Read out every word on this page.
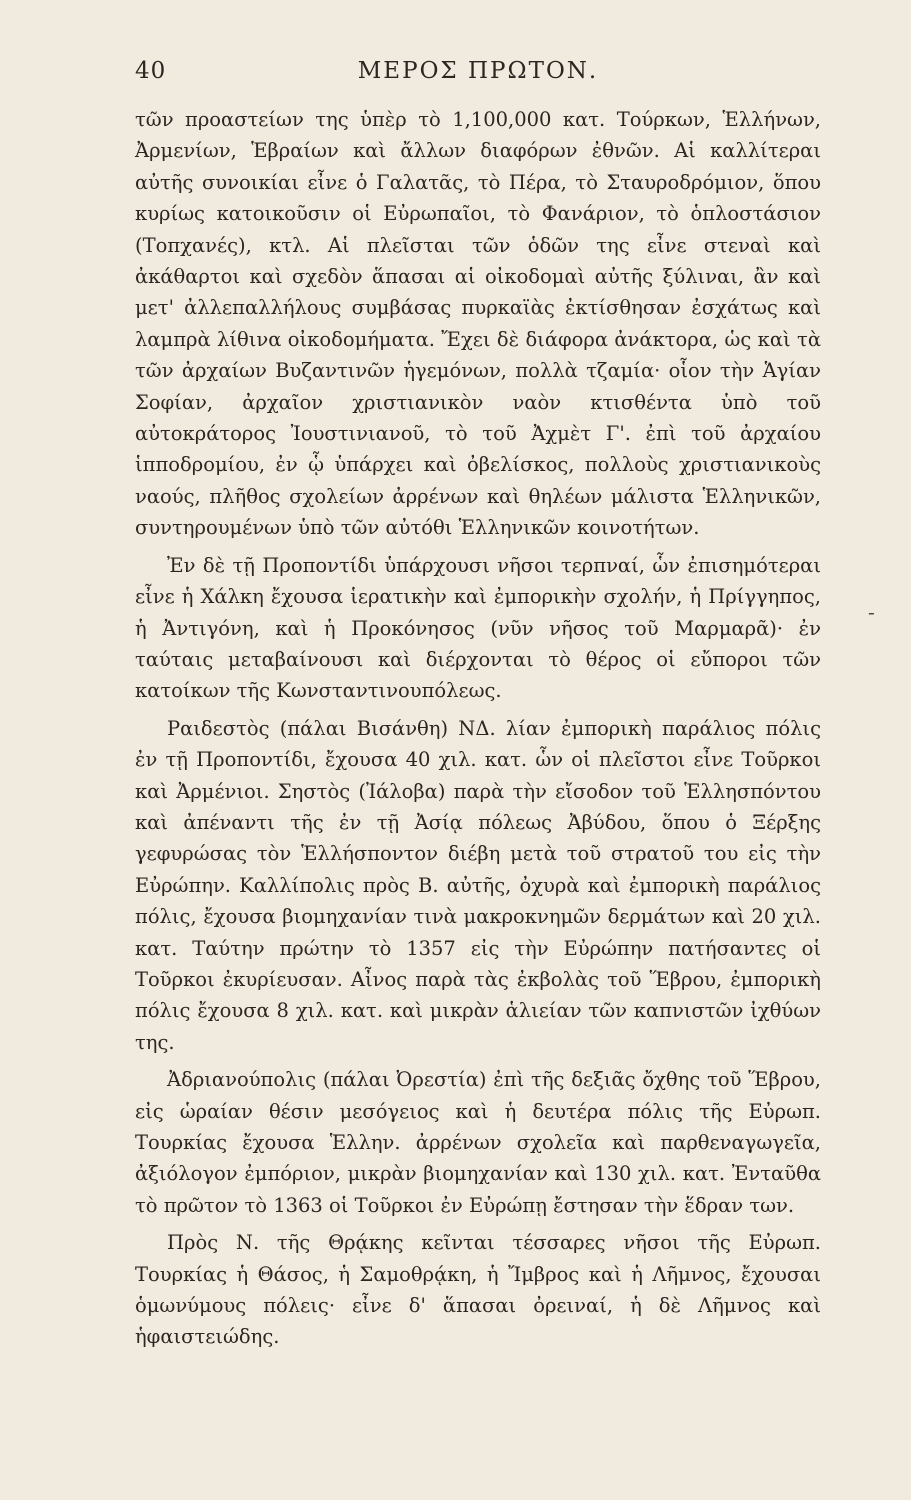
40	ΜΕΡΟΣ ΠΡΩΤΟΝ.

τῶν προαστείων της ὑπὲρ τὸ 1,100,000 κατ. Τούρκων, Ἑλλήνων, Ἀρμενίων, Ἑβραίων καὶ ἄλλων διαφόρων ἐθνῶν. Αἱ καλλίτεραι αὐτῆς συνοικίαι εἶνε ὁ Γαλατᾶς, τὸ Πέρα, τὸ Σταυροδρόμιον, ὅπου κυρίως κατοικοῦσιν οἱ Εὐρωπαῖοι, τὸ Φανάριον, τὸ ὁπλοστάσιον (Τοπχανές), κτλ. Αἱ πλεῖσται τῶν ὁδῶν της εἶνε στεναὶ καὶ ἀκάθαρτοι καὶ σχεδὸν ἅπασαι αἱ οἰκοδομαὶ αὐτῆς ξύλιναι, ἂν καὶ μετ' ἀλλεπαλλήλους συμβάσας πυρκαϊὰς ἐκτίσθησαν ἐσχάτως καὶ λαμπρὰ λίθινα οἰκοδομήματα. Ἔχει δὲ διάφορα ἀνάκτορα, ὡς καὶ τὰ τῶν ἀρχαίων Βυζαντινῶν ἡγεμόνων, πολλὰ τζαμία· οἷον τὴν Ἁγίαν Σοφίαν, ἀρχαῖον χριστιανικὸν ναὸν κτισθέντα ὑπὸ τοῦ αὐτοκράτορος Ἰουστινιανοῦ, τὸ τοῦ Ἀχμὲτ Γ'. ἐπὶ τοῦ ἀρχαίου ἱπποδρομίου, ἐν ᾧ ὑπάρχει καὶ ὀβελίσκος, πολλοὺς χριστιανικοὺς ναούς, πλῆθος σχολείων ἀρρένων καὶ θηλέων μάλιστα Ἑλληνικῶν, συντηρουμένων ὑπὸ τῶν αὐτόθι Ἑλληνικῶν κοινοτήτων.

Ἐν δὲ τῇ Προποντίδι ὑπάρχουσι νῆσοι τερπναί, ὧν ἐπισημότεραι εἶνε ἡ Χάλκη ἔχουσα ἱερατικὴν καὶ ἐμπορικὴν σχολήν, ἡ Πρίγγηπος, ἡ Ἀντιγόνη, καὶ ἡ Προκόνησος (νῦν νῆσος τοῦ Μαρμαρᾶ)· ἐν ταύταις μεταβαίνουσι καὶ διέρχονται τὸ θέρος οἱ εὔποροι τῶν κατοίκων τῆς Κωνσταντινουπόλεως.

Ραιδεστὸς (πάλαι Βισάνθη) ΝΔ. λίαν ἐμπορικὴ παράλιος πόλις ἐν τῇ Προποντίδι, ἔχουσα 40 χιλ. κατ. ὧν οἱ πλεῖστοι εἶνε Τοῦρκοι καὶ Ἀρμένιοι. Σηστὸς (Ἰάλοβα) παρὰ τὴν εἴσοδον τοῦ Ἑλλησπόντου καὶ ἀπέναντι τῆς ἐν τῇ Ἀσίᾳ πόλεως Ἀβύδου, ὅπου ὁ Ξέρξης γεφυρώσας τὸν Ἑλλήσποντον διέβη μετὰ τοῦ στρατοῦ του εἰς τὴν Εὐρώπην. Καλλίπολις πρὸς Β. αὐτῆς, ὀχυρὰ καὶ ἐμπορικὴ παράλιος πόλις, ἔχουσα βιομηχανίαν τινὰ μακροκνημῶν δερμάτων καὶ 20 χιλ. κατ. Ταύτην πρώτην τὸ 1357 εἰς τὴν Εὐρώπην πατήσαντες οἱ Τοῦρκοι ἐκυρίευσαν. Αἶνος παρὰ τὰς ἐκβολὰς τοῦ Ἕβρου, ἐμπορικὴ πόλις ἔχουσα 8 χιλ. κατ. καὶ μικρὰν ἁλιείαν τῶν καπνιστῶν ἰχθύων της.

Ἀδριανούπολις (πάλαι Ὀρεστία) ἐπὶ τῆς δεξιᾶς ὄχθης τοῦ Ἕβρου, εἰς ὡραίαν θέσιν μεσόγειος καὶ ἡ δευτέρα πόλις τῆς Εὐρωπ. Τουρκίας ἔχουσα Ἑλλην. ἀρρένων σχολεῖα καὶ παρθεναγωγεῖα, ἀξιόλογον ἐμπόριον, μικρὰν βιομηχανίαν καὶ 130 χιλ. κατ. Ἐνταῦθα τὸ πρῶτον τὸ 1363 οἱ Τοῦρκοι ἐν Εὐρώπῃ ἔστησαν τὴν ἕδραν των.

Πρὸς Ν. τῆς Θρᾴκης κεῖνται τέσσαρες νῆσοι τῆς Εὐρωπ. Τουρκίας ἡ Θάσος, ἡ Σαμοθρᾴκη, ἡ Ἴμβρος καὶ ἡ Λῆμνος, ἔχουσαι ὁμωνύμους πόλεις· εἶνε δ' ἅπασαι ὀρειναί, ἡ δὲ Λῆμνος καὶ ἡφαιστειώδης.

-
